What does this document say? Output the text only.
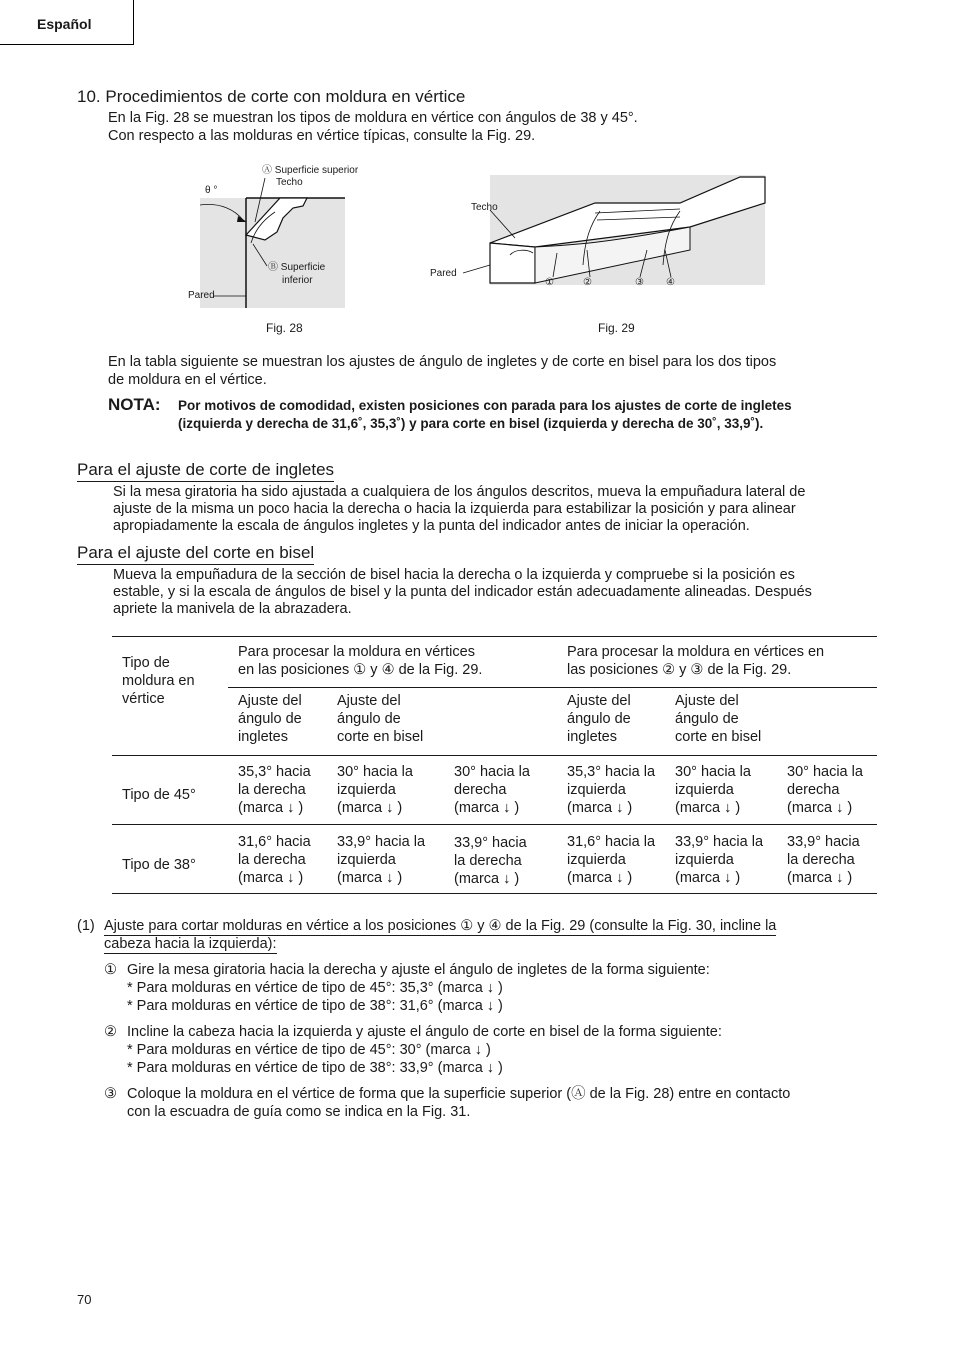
Español
10. Procedimientos de corte con moldura en vértice
En la Fig. 28 se muestran los tipos de moldura en vértice con ángulos de 38 y 45°.
Con respecto a las molduras en vértice típicas, consulte la Fig. 29.
Ⓐ Superficie superior
Techo
θ °
Ⓑ Superficie
inferior
Pared
Fig. 28
Techo
Pared
①	②	③ ④
Fig. 29
En la tabla siguiente se muestran los ajustes de ángulo de ingletes y de corte en bisel para los dos tipos
de moldura en el vértice.
NOTA: Por motivos de comodidad, existen posiciones con parada para los ajustes de corte de ingletes
(izquierda y derecha de 31,6˚, 35,3˚) y para corte en bisel (izquierda y derecha de 30˚, 33,9˚).
Para el ajuste de corte de ingletes
Si la mesa giratoria ha sido ajustada a cualquiera de los ángulos descritos, mueva la empuñadura lateral de
ajuste de la misma un poco hacia la derecha o hacia la izquierda para estabilizar la posición y para alinear
apropiadamente la escala de ángulos ingletes y la punta del indicador antes de iniciar la operación.
Para el ajuste del corte en bisel
Mueva la empuñadura de la sección de bisel hacia la derecha o la izquierda y compruebe si la posición es
estable, y si la escala de ángulos de bisel y la punta del indicador están adecuadamente alineadas. Después
apriete la manivela de la abrazadera.
Tipo de
moldura en
vértice
Para procesar la moldura en vértices
en las posiciones ① y ④ de la Fig. 29.
Para procesar la moldura en vértices en
las posiciones ② y ③ de la Fig. 29.
Ajuste del
ángulo de
ingletes
Ajuste del
ángulo de
corte en bisel
Ajuste del
ángulo de
ingletes
Ajuste del
ángulo de
corte en bisel
Tipo de 45°
35,3° hacia
la derecha
(marca ↓ )
30° hacia la
izquierda
(marca ↓ )
30° hacia la
derecha
(marca ↓ )
35,3° hacia la
izquierda
(marca ↓ )
30° hacia la
izquierda
(marca ↓ )
30° hacia la
derecha
(marca ↓ )
Tipo de 38°
31,6° hacia
la derecha
(marca ↓ )
33,9° hacia la
izquierda
(marca ↓ )
33,9° hacia
la derecha
(marca ↓ )
31,6° hacia la
izquierda
(marca ↓ )
33,9° hacia la
izquierda
(marca ↓ )
33,9° hacia
la derecha
(marca ↓ )
(1) Ajuste para cortar molduras en vértice a los posiciones ① y ④ de la Fig. 29 (consulte la Fig. 30, incline la
cabeza hacia la izquierda):
① Gire la mesa giratoria hacia la derecha y ajuste el ángulo de ingletes de la forma siguiente:
* Para molduras en vértice de tipo de 45°: 35,3° (marca ↓ )
* Para molduras en vértice de tipo de 38°: 31,6° (marca ↓ )
② Incline la cabeza hacia la izquierda y ajuste el ángulo de corte en bisel de la forma siguiente:
* Para molduras en vértice de tipo de 45°: 30° (marca ↓ )
* Para molduras en vértice de tipo de 38°: 33,9° (marca ↓ )
③ Coloque la moldura en el vértice de forma que la superficie superior (Ⓐ de la Fig. 28) entre en contacto
con la escuadra de guía como se indica en la Fig. 31.
70
